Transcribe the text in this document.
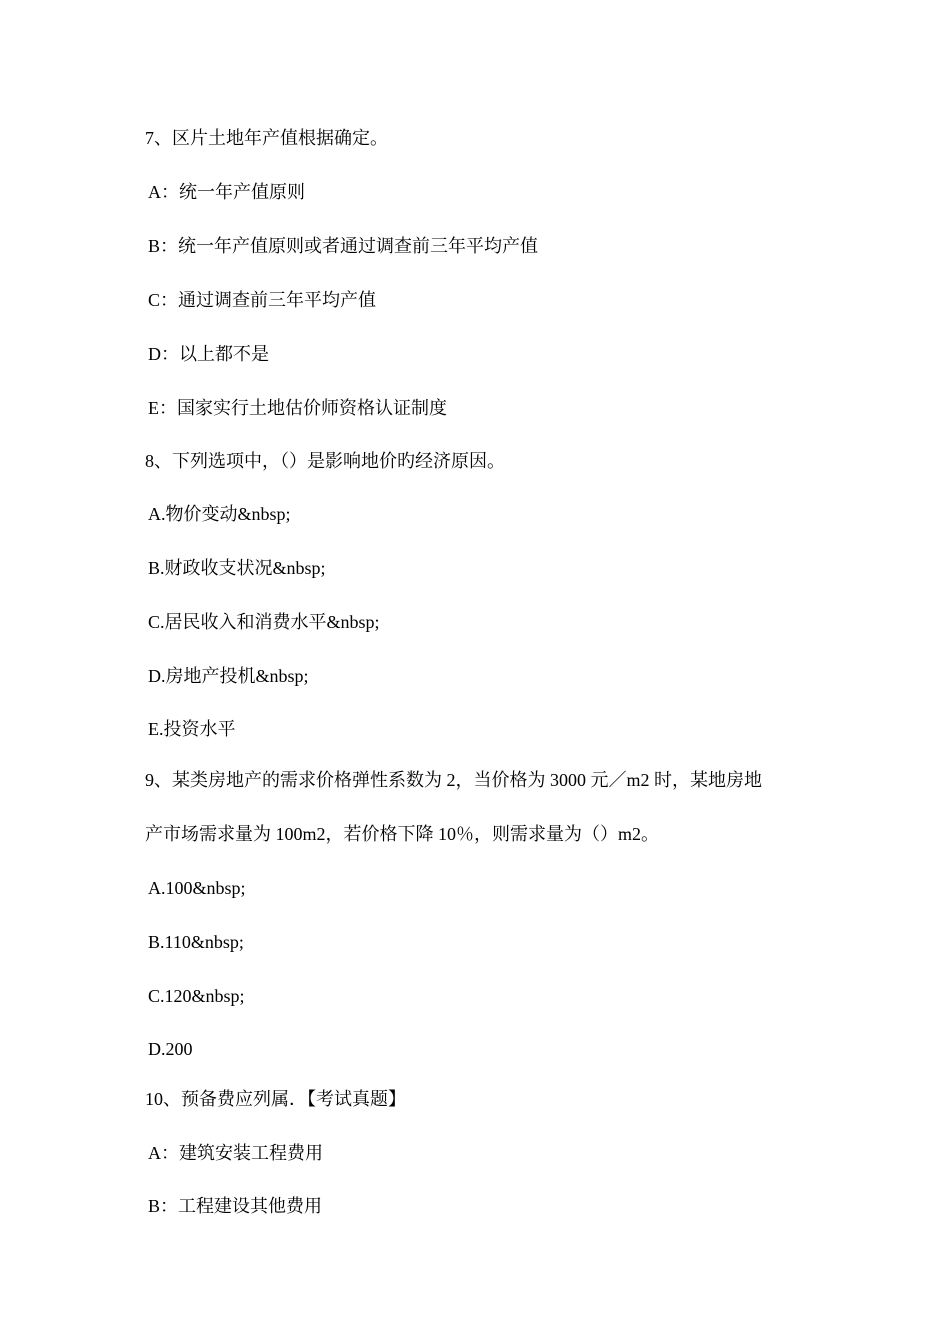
7、区片土地年产值根据确定。
A：统一年产值原则
B：统一年产值原则或者通过调查前三年平均产值
C：通过调查前三年平均产值
D：以上都不是
E：国家实行土地估价师资格认证制度
8、下列选项中，（）是影响地价旳经济原因。
A.物价变动&nbsp;
B.财政收支状况&nbsp;
C.居民收入和消费水平&nbsp;
D.房地产投机&nbsp;
E.投资水平
9、某类房地产的需求价格弹性系数为 2，当价格为 3000 元／m2 时，某地房地
产市场需求量为 100m2，若价格下降 10％，则需求量为（）m2。
A.100&nbsp;
B.110&nbsp;
C.120&nbsp;
D.200
10、预备费应列属．【考试真题】
A：建筑安装工程费用
B：工程建设其他费用
